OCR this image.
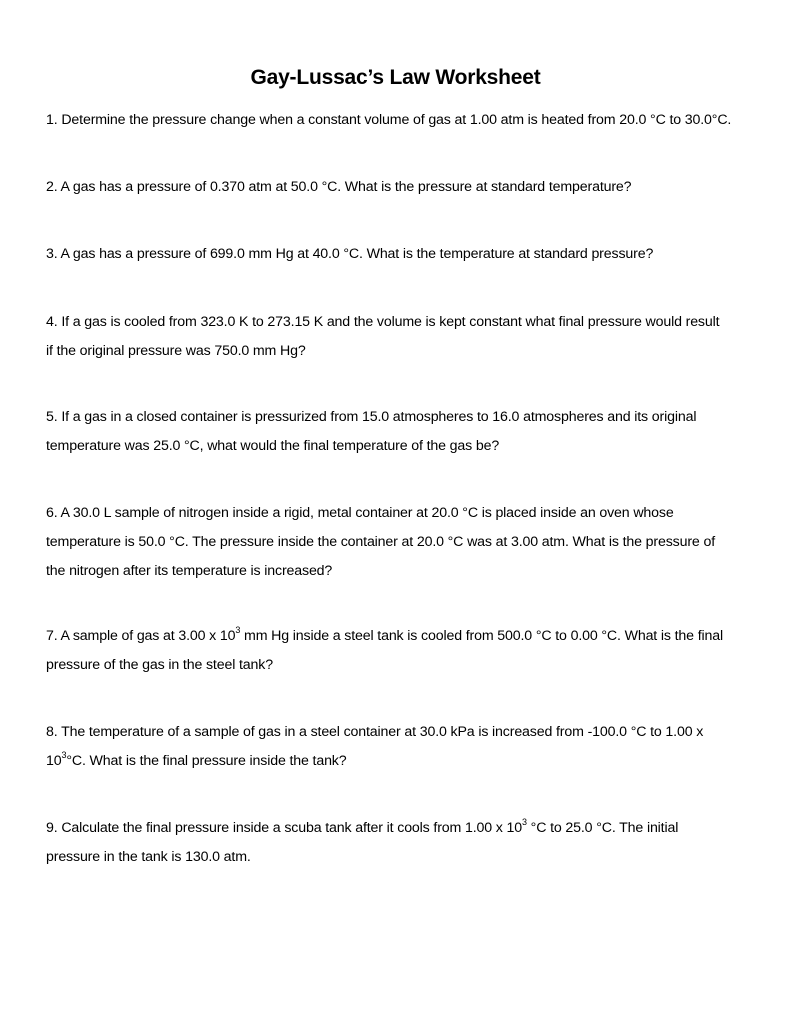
Gay-Lussac’s Law Worksheet
1. Determine the pressure change when a constant volume of gas at 1.00 atm is heated from 20.0 °C to 30.0°C.
2. A gas has a pressure of 0.370 atm at 50.0 °C. What is the pressure at standard temperature?
3. A gas has a pressure of 699.0 mm Hg at 40.0 °C. What is the temperature at standard pressure?
4. If a gas is cooled from 323.0 K to 273.15 K and the volume is kept constant what final pressure would result
if the original pressure was 750.0 mm Hg?
5. If a gas in a closed container is pressurized from 15.0 atmospheres to 16.0 atmospheres and its original
temperature was 25.0 °C, what would the final temperature of the gas be?
6. A 30.0 L sample of nitrogen inside a rigid, metal container at 20.0 °C is placed inside an oven whose
temperature is 50.0 °C. The pressure inside the container at 20.0 °C was at 3.00 atm. What is the pressure of
the nitrogen after its temperature is increased?
7. A sample of gas at 3.00 x $10^3$ mm Hg inside a steel tank is cooled from 500.0 °C to 0.00 °C. What is the final
pressure of the gas in the steel tank?
8. The temperature of a sample of gas in a steel container at 30.0 kPa is increased from -100.0 °C to 1.00 x
$10^3^\circ C$. What is the final pressure inside the tank?
9. Calculate the final pressure inside a scuba tank after it cools from 1.00 x $10^3$ °C to 25.0 °C. The initial
pressure in the tank is 130.0 atm.
